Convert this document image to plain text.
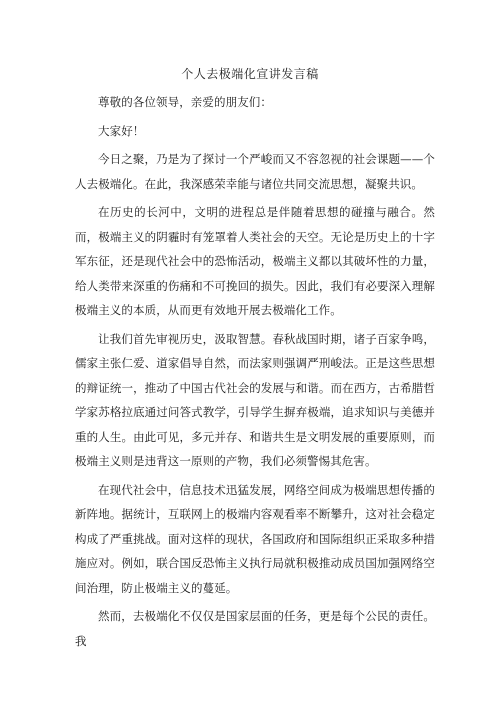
个人去极端化宣讲发言稿

尊敬的各位领导，亲爱的朋友们：

大家好！

今日之聚，乃是为了探讨一个严峻而又不容忽视的社会课题——个人去极端化。在此，我深感荣幸能与诸位共同交流思想，凝聚共识。

在历史的长河中，文明的进程总是伴随着思想的碰撞与融合。然而，极端主义的阴霾时有笼罩着人类社会的天空。无论是历史上的十字军东征，还是现代社会中的恐怖活动，极端主义都以其破坏性的力量，给人类带来深重的伤痛和不可挽回的损失。因此，我们有必要深入理解极端主义的本质，从而更有效地开展去极端化工作。

让我们首先审视历史，汲取智慧。春秋战国时期，诸子百家争鸣，儒家主张仁爱、道家倡导自然，而法家则强调严刑峻法。正是这些思想的辩证统一，推动了中国古代社会的发展与和谐。而在西方，古希腊哲学家苏格拉底通过问答式教学，引导学生摒弃极端，追求知识与美德并重的人生。由此可见，多元并存、和谐共生是文明发展的重要原则，而极端主义则是违背这一原则的产物，我们必须警惕其危害。

在现代社会中，信息技术迅猛发展，网络空间成为极端思想传播的新阵地。据统计，互联网上的极端内容观看率不断攀升，这对社会稳定构成了严重挑战。面对这样的现状，各国政府和国际组织正采取多种措施应对。例如，联合国反恐怖主义执行局就积极推动成员国加强网络空间治理，防止极端主义的蔓延。

然而，去极端化不仅仅是国家层面的任务，更是每个公民的责任。我
